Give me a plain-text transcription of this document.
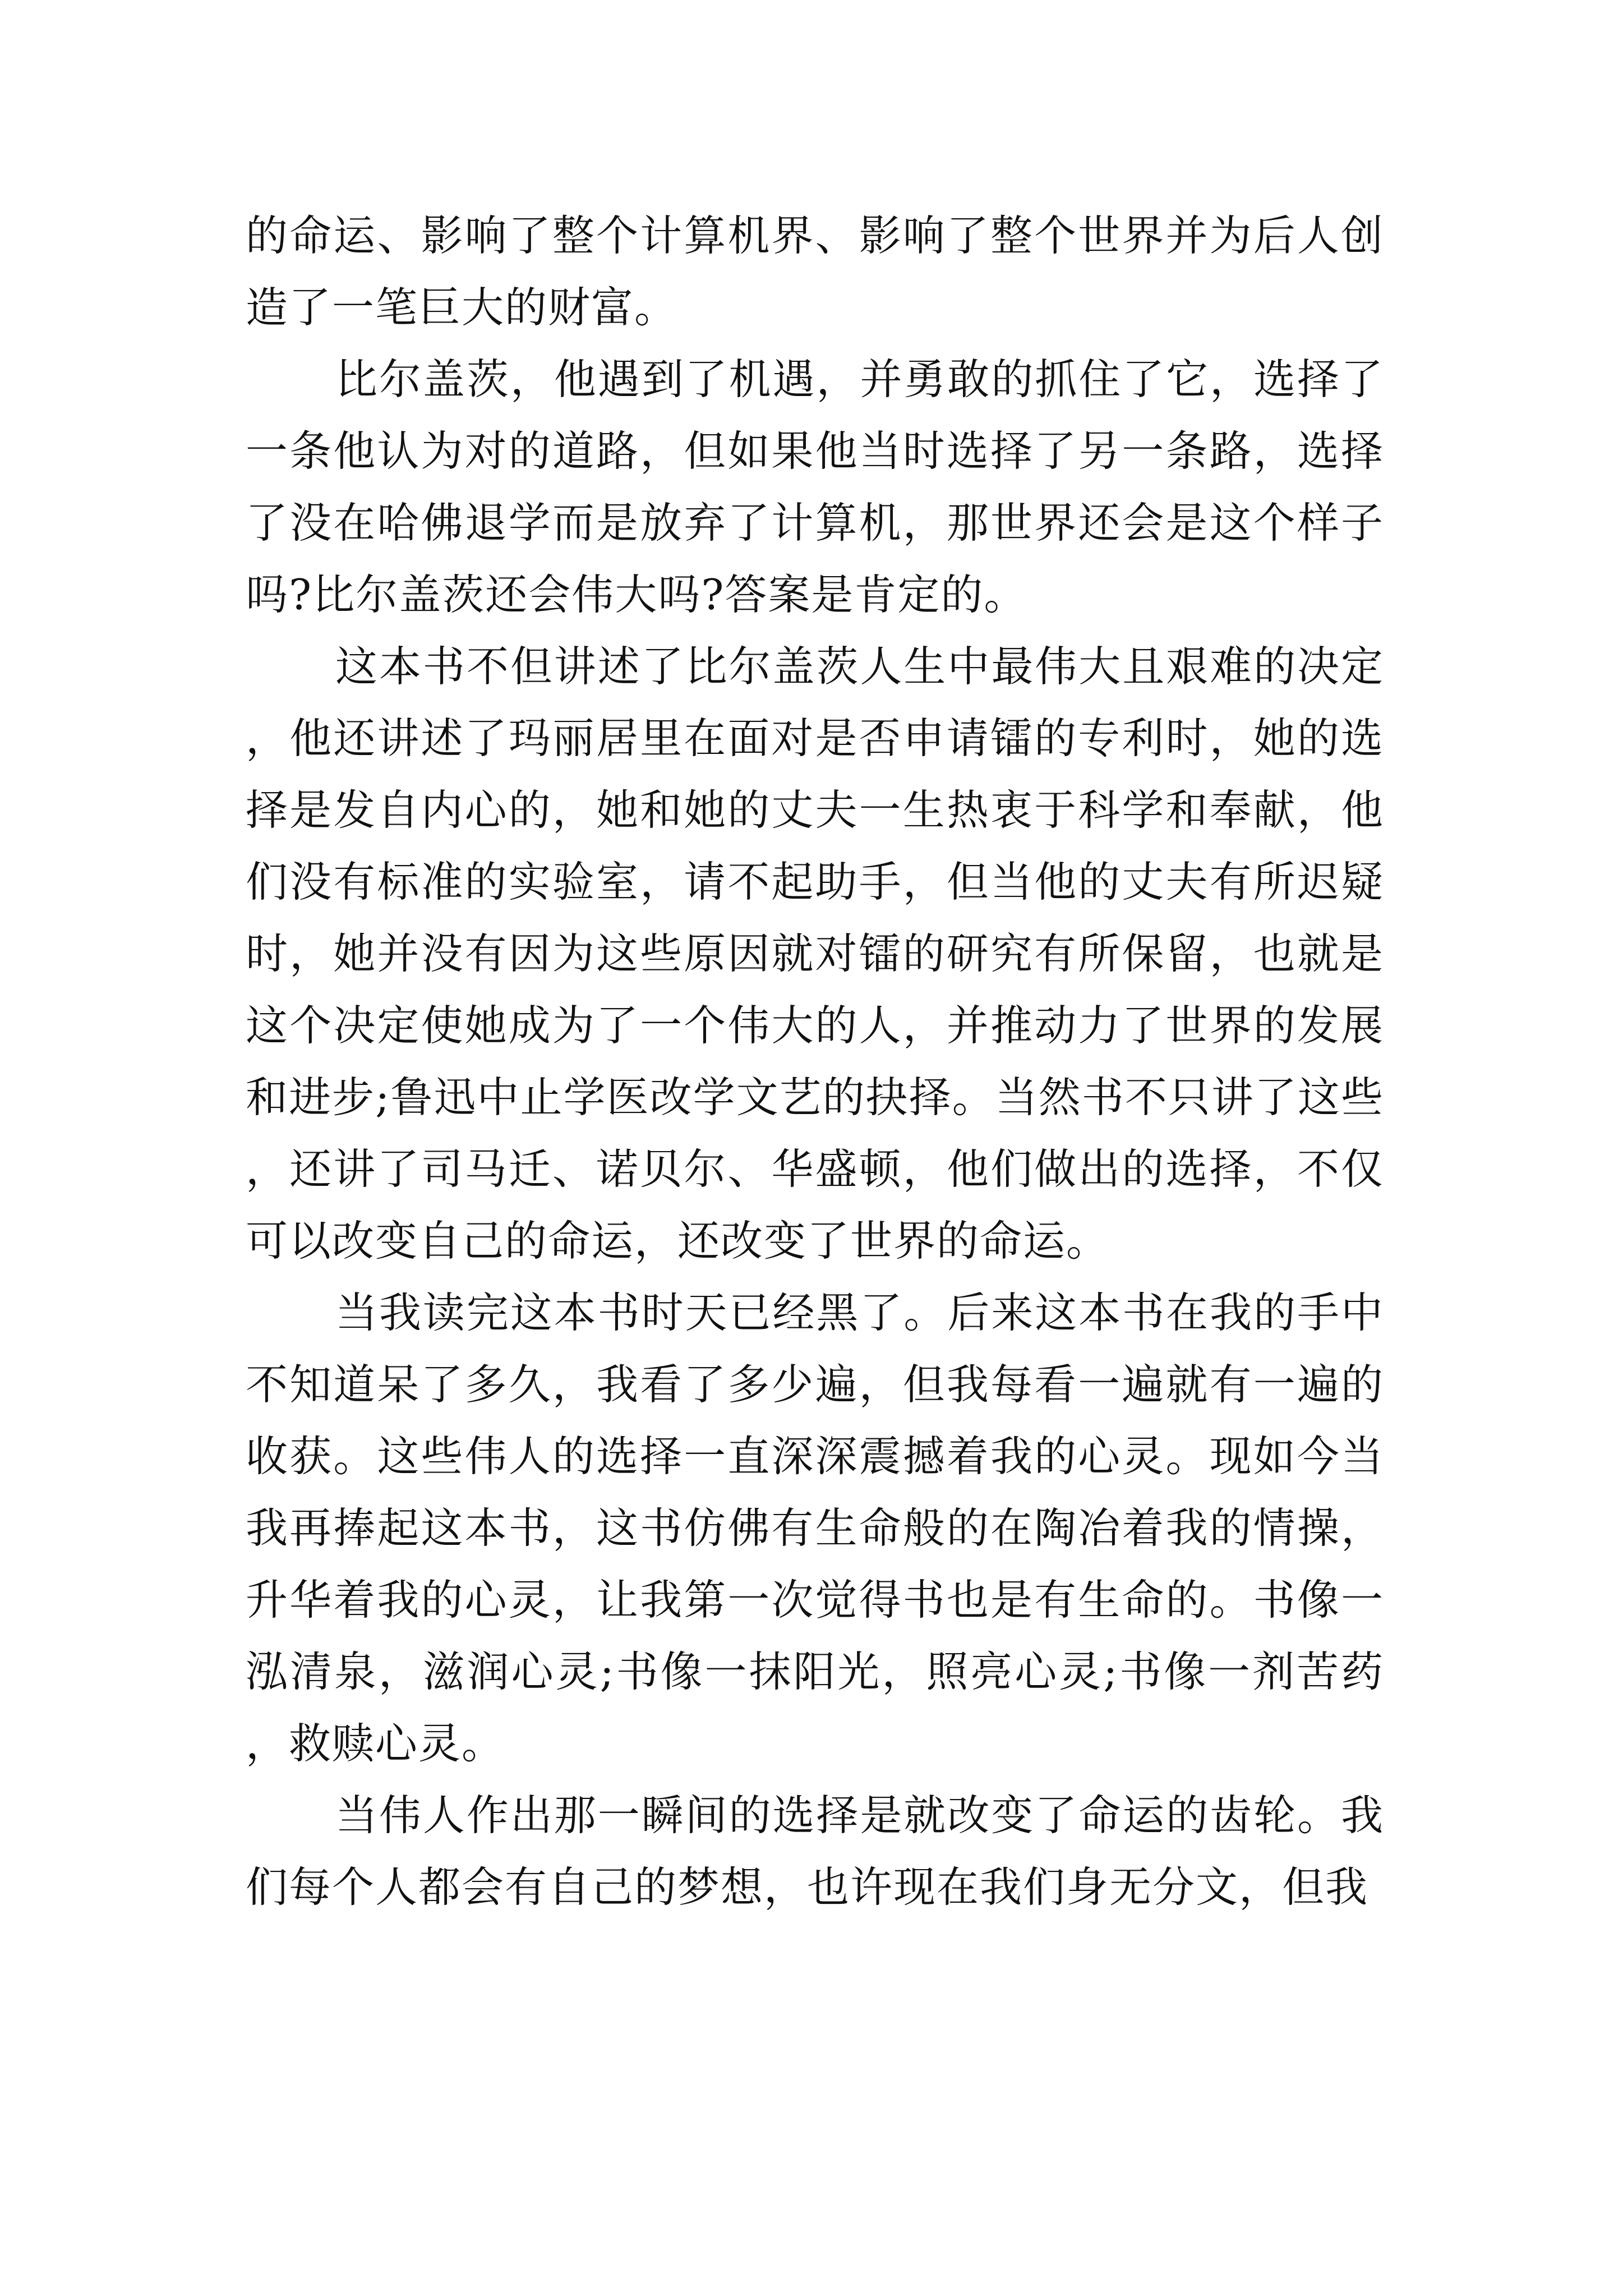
的命运、影响了整个计算机界、影响了整个世界并为后人创造了一笔巨大的财富。

比尔盖茨，他遇到了机遇，并勇敢的抓住了它，选择了一条他认为对的道路，但如果他当时选择了另一条路，选择了没在哈佛退学而是放弃了计算机，那世界还会是这个样子吗?比尔盖茨还会伟大吗?答案是肯定的。

这本书不但讲述了比尔盖茨人生中最伟大且艰难的决定，他还讲述了玛丽居里在面对是否申请镭的专利时，她的选择是发自内心的，她和她的丈夫一生热衷于科学和奉献，他们没有标准的实验室，请不起助手，但当他的丈夫有所迟疑时，她并没有因为这些原因就对镭的研究有所保留，也就是这个决定使她成为了一个伟大的人，并推动力了世界的发展和进步;鲁迅中止学医改学文艺的抉择。当然书不只讲了这些，还讲了司马迁、诺贝尔、华盛顿，他们做出的选择，不仅可以改变自己的命运，还改变了世界的命运。

当我读完这本书时天已经黑了。后来这本书在我的手中不知道呆了多久，我看了多少遍，但我每看一遍就有一遍的收获。这些伟人的选择一直深深震撼着我的心灵。现如今当我再捧起这本书，这书仿佛有生命般的在陶冶着我的情操，升华着我的心灵，让我第一次觉得书也是有生命的。书像一泓清泉，滋润心灵;书像一抹阳光，照亮心灵;书像一剂苦药，救赎心灵。

当伟人作出那一瞬间的选择是就改变了命运的齿轮。我们每个人都会有自己的梦想，也许现在我们身无分文，但我
